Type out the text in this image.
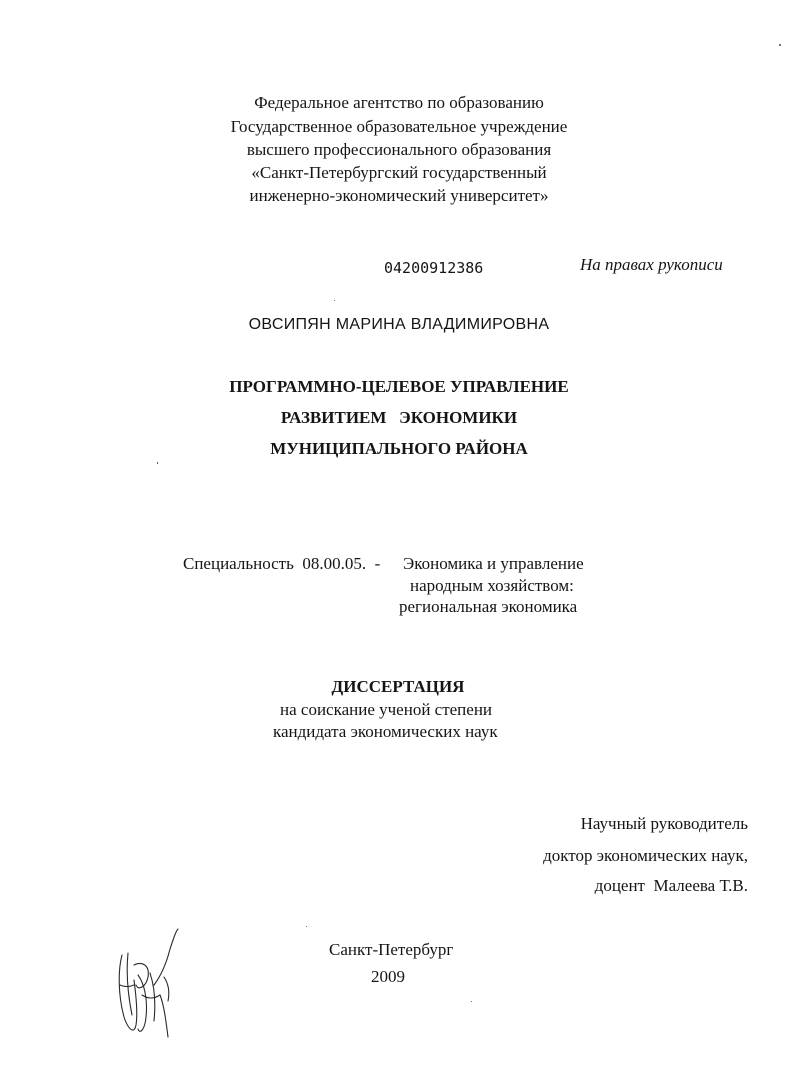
Федеральное агентство по образованию
Государственное образовательное учреждение
высшего профессионального образования
«Санкт-Петербургский государственный
инженерно-экономический университет»
04200912386	На правах рукописи
ОВСИПЯН МАРИНА ВЛАДИМИРОВНА
ПРОГРАММНО-ЦЕЛЕВОЕ УПРАВЛЕНИЕ
РАЗВИТИЕМ   ЭКОНОМИКИ
МУНИЦИПАЛЬНОГО РАЙОНА
Специальность  08.00.05.  - Экономика и управление
народным хозяйством:
региональная экономика
ДИССЕРТАЦИЯ
на соискание ученой степени
кандидата экономических наук
Научный руководитель
доктор экономических наук,
доцент  Малеева Т.В.
Санкт-Петербург
2009
